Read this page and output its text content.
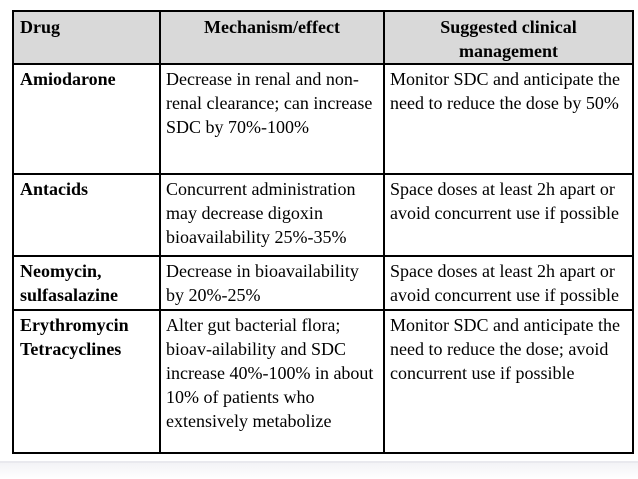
Drug	Mechanism/effect	Suggested clinical management
Amiodarone	Decrease in renal and non-renal clearance; can increase SDC by 70%-100%	Monitor SDC and anticipate the need to reduce the dose by 50%
Antacids	Concurrent administration may decrease digoxin bioavailability 25%-35%	Space doses at least 2h apart or avoid concurrent use if possible
Neomycin, sulfasalazine	Decrease in bioavailability by 20%-25%	Space doses at least 2h apart or avoid concurrent use if possible
Erythromycin Tetracyclines	Alter gut bacterial flora; bioav-ailability and SDC increase 40%-100% in about 10% of patients who extensively metabolize	Monitor SDC and anticipate the need to reduce the dose; avoid concurrent use if possible
